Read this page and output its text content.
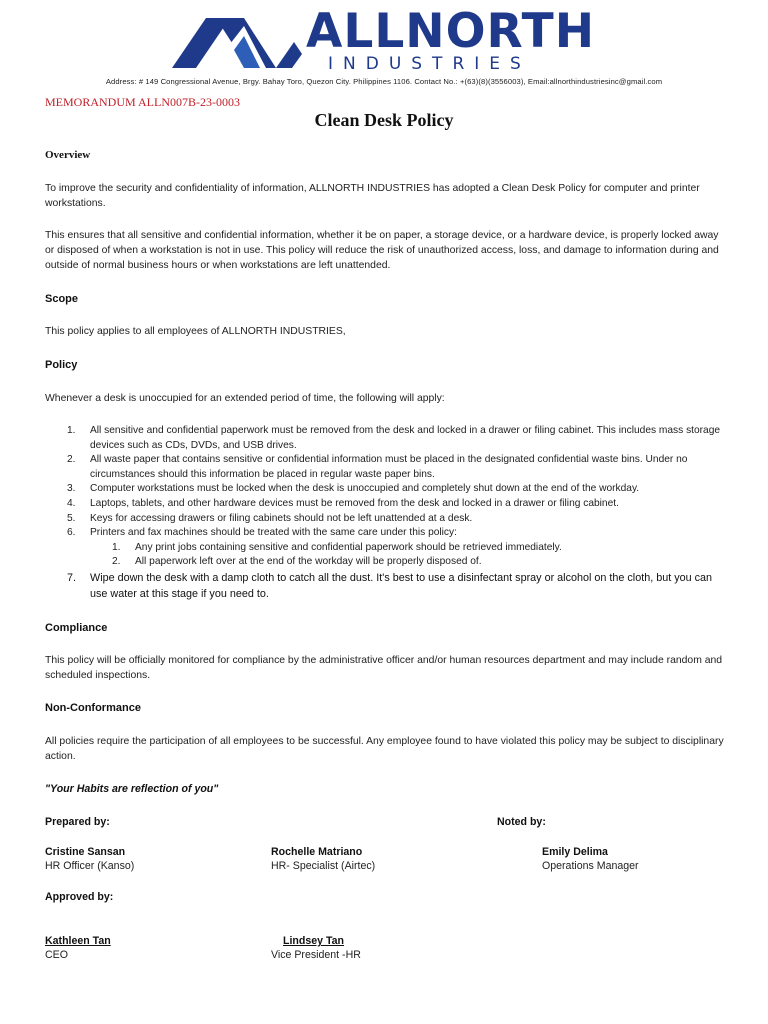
ALLNORTH
INDUSTRIES
Address: # 149 Congressional Avenue, Brgy. Bahay Toro, Quezon City. Philippines 1106. Contact No.: +(63)(8)(3556003), Email:allnorthindustriesinc@gmail.com
MEMORANDUM ALLN007B-23-0003
Clean Desk Policy
Overview
To improve the security and confidentiality of information, ALLNORTH INDUSTRIES has adopted a Clean Desk Policy for computer and printer workstations.
This ensures that all sensitive and confidential information, whether it be on paper, a storage device, or a hardware device, is properly locked away or disposed of when a workstation is not in use. This policy will reduce the risk of unauthorized access, loss, and damage to information during and outside of normal business hours or when workstations are left unattended.
Scope
This policy applies to all employees of ALLNORTH INDUSTRIES,
Policy
Whenever a desk is unoccupied for an extended period of time, the following will apply:
1. All sensitive and confidential paperwork must be removed from the desk and locked in a drawer or filing cabinet. This includes mass storage devices such as CDs, DVDs, and USB drives.
2. All waste paper that contains sensitive or confidential information must be placed in the designated confidential waste bins. Under no circumstances should this information be placed in regular waste paper bins.
3. Computer workstations must be locked when the desk is unoccupied and completely shut down at the end of the workday.
4. Laptops, tablets, and other hardware devices must be removed from the desk and locked in a drawer or filing cabinet.
5. Keys for accessing drawers or filing cabinets should not be left unattended at a desk.
6. Printers and fax machines should be treated with the same care under this policy:
1. Any print jobs containing sensitive and confidential paperwork should be retrieved immediately.
2. All paperwork left over at the end of the workday will be properly disposed of.
7. Wipe down the desk with a damp cloth to catch all the dust. It's best to use a disinfectant spray or alcohol on the cloth, but you can use water at this stage if you need to.
Compliance
This policy will be officially monitored for compliance by the administrative officer and/or human resources department and may include random and scheduled inspections.
Non-Conformance
All policies require the participation of all employees to be successful. Any employee found to have violated this policy may be subject to disciplinary action.
"Your Habits are reflection of you"
Prepared by:	Noted by:
Cristine Sansan
HR Officer (Kanso)
Rochelle Matriano
HR- Specialist (Airtec)
Emily Delima
Operations Manager
Approved by:
Kathleen Tan
CEO
Lindsey Tan
Vice President -HR
